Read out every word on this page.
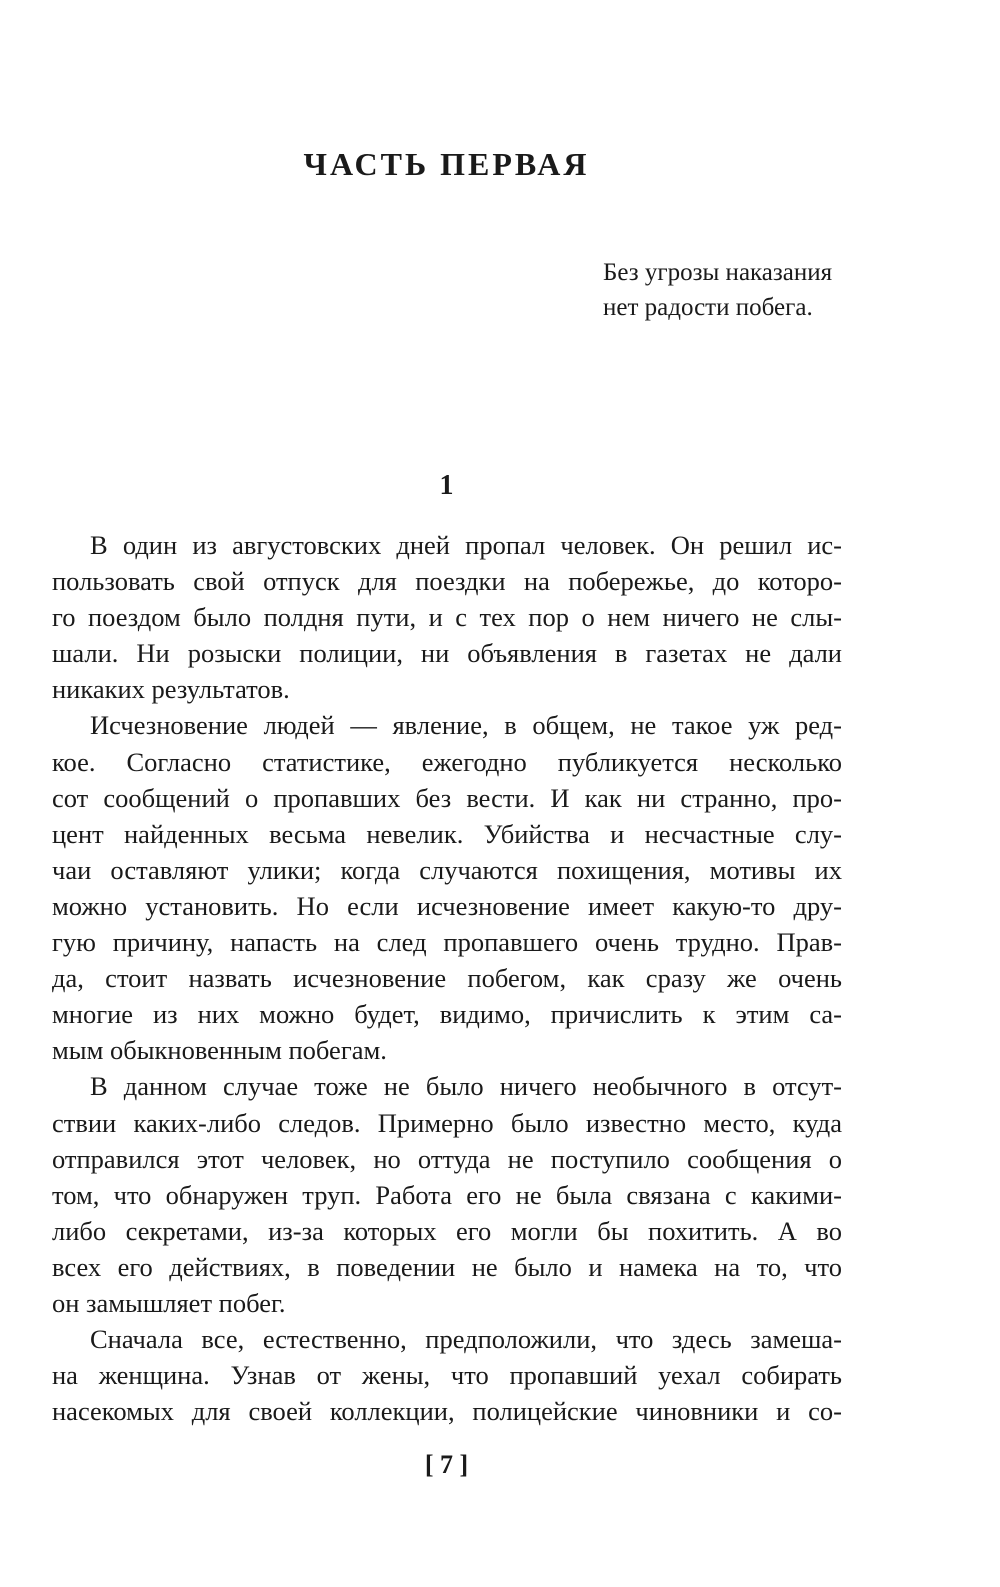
ЧАСТЬ ПЕРВАЯ

Без угрозы наказания

нет радости побега.

1

В один из августовских дней пропал человек. Он решил ис-
пользовать свой отпуск для поездки на побережье, до которо-
го поездом было полдня пути, и с тех пор о нем ничего не слы-
шали. Ни розыски полиции, ни объявления в газетах не дали
никаких результатов.

Исчезновение людей — явление, в общем, не такое уж ред-
кое. Согласно статистике, ежегодно публикуется несколько
сот сообщений о пропавших без вести. И как ни странно, про-
цент найденных весьма невелик. Убийства и несчастные слу-
чаи оставляют улики; когда случаются похищения, мотивы их
можно установить. Но если исчезновение имеет какую-то дру-
гую причину, напасть на след пропавшего очень трудно. Прав-
да, стоит назвать исчезновение побегом, как сразу же очень
многие из них можно будет, видимо, причислить к этим са-
мым обыкновенным побегам.

В данном случае тоже не было ничего необычного в отсут-
ствии каких-либо следов. Примерно было известно место, куда
отправился этот человек, но оттуда не поступило сообщения о
том, что обнаружен труп. Работа его не была связана с какими-
либо секретами, из-за которых его могли бы похитить. А во
всех его действиях, в поведении не было и намека на то, что
он замышляет побег.

Сначала все, естественно, предположили, что здесь замеша-
на женщина. Узнав от жены, что пропавший уехал собирать
насекомых для своей коллекции, полицейские чиновники и со-

[ 7 ]
